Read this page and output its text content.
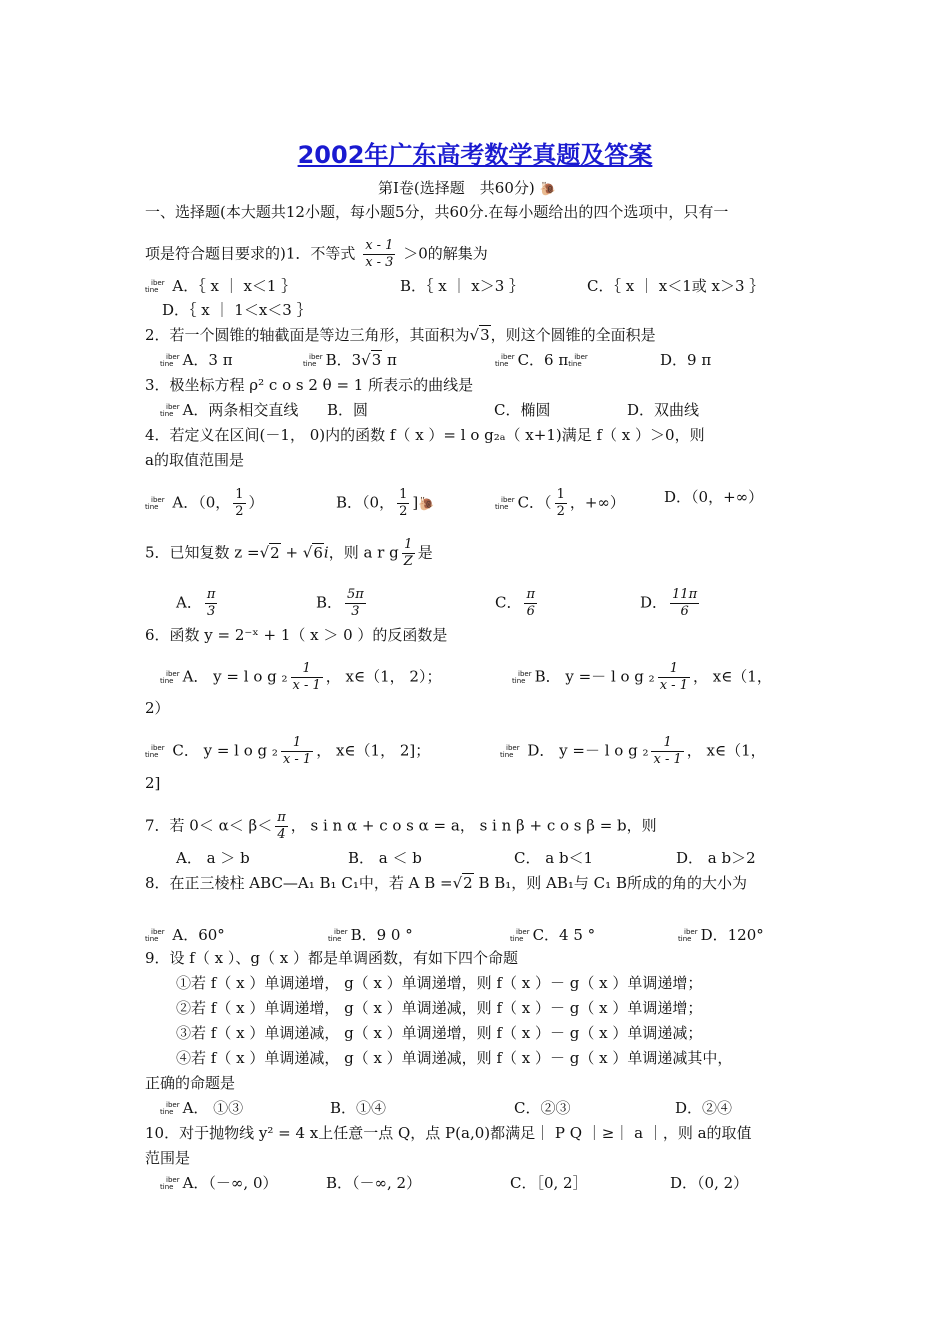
2002年广东高考数学真题及答案
第Ⅰ卷(选择题　共60分) 🐌
一、选择题(本大题共12小题，每小题5分，共60分.在每小题给出的四个选项中，只有一
项是符合题目要求的)1．不等式 $\frac{x - 1}{x - 3} >0$的解集为
iber
tine A．｛ x ｜ x＜1 ｝	B．｛ x ｜ x＞3 ｝	C．｛ x ｜ x＜1或 x＞3 ｝
D．｛ x ｜ 1＜x＜3 ｝
2．若一个圆锥的轴截面是等边三角形，其面积为√3，则这个圆锥的全面积是
iber
tine A．3 π	iber
tine B．3√3 π	iber
tine C．6 π iber
tine	D．9 π
3．极坐标方程 ρ² c o s 2 θ = 1 所表示的曲线是
iber
tine A．两条相交直线 B．圆	C．椭圆	D．双曲线
4．若定义在区间(－1， 0)内的函数 f（ x ）= l o g₂ₐ（ x+1)满足 f（ x ）＞0，则
a的取值范围是
iber
tine A．（0， $\frac{1}{2}$ ）	B．（0， $\frac{1}{2}$ ]🐌	iber
tine C．（ $\frac{1}{2}$ ，+∞）	D．（0，+∞）
5．已知复数 z =√2 + √6i，则 a r g $\frac{1}{Z}$ 是
A． $\frac{\pi}{3}$	B． $\frac{5\pi}{3}$	C． $\frac{\pi}{6}$	D． $\frac{11\pi}{6}$
6．函数 y = 2⁻ˣ + 1（ x ＞ 0 ）的反函数是
iber
tine A． y = l o g $_2 \frac{1}{x - 1}$ ， x∈（1， 2）；	iber
tine B． y =－ l o g $_2 \frac{1}{x - 1}$ ， x∈（1，
2）
iber
tine C． y = l o g $_2 \frac{1}{x - 1}$ ， x∈（1， 2]；	iber
tine D． y =－ l o g $_2 \frac{1}{x - 1}$ ， x∈（1，
2]
7．若 $0< \alpha< \beta< \frac{\pi}{4}$ ， s i n α + c o s α = a， s i n β + c o s β = b，则
A． a ＞ b	B． a ＜ b	C． a b＜1	D． a b＞2
8．在正三棱柱 ABC—A₁ B₁ C₁中，若 A B =√2 B B₁，则 AB₁与 C₁ B所成的角的大小为
iber
tine A．60°	iber
tine B．9 0 °	iber
tine C．4 5 °	iber
tine D．120°
9．设 f（ x ）、g（ x ）都是单调函数，有如下四个命题
①若 f（ x ）单调递增， g（ x ）单调递增，则 f（ x ）－ g（ x ）单调递增；
②若 f（ x ）单调递增， g（ x ）单调递减，则 f（ x ）－ g（ x ）单调递增；
③若 f（ x ）单调递减， g（ x ）单调递增，则 f（ x ）－ g（ x ）单调递减；
④若 f（ x ）单调递减， g（ x ）单调递减，则 f（ x ）－ g（ x ）单调递减其中，
正确的命题是
iber
tine A． ①③	B．①④	C．②③	D．②④
10．对于抛物线 y² = 4 x上任意一点 Q，点 P(a,0)都满足｜ P Q ｜≥｜ a ｜，则 a的取值
范围是
iber
tine A．（－∞, 0）	B．（－∞, 2）	C．［0, 2］	D．（0, 2）
